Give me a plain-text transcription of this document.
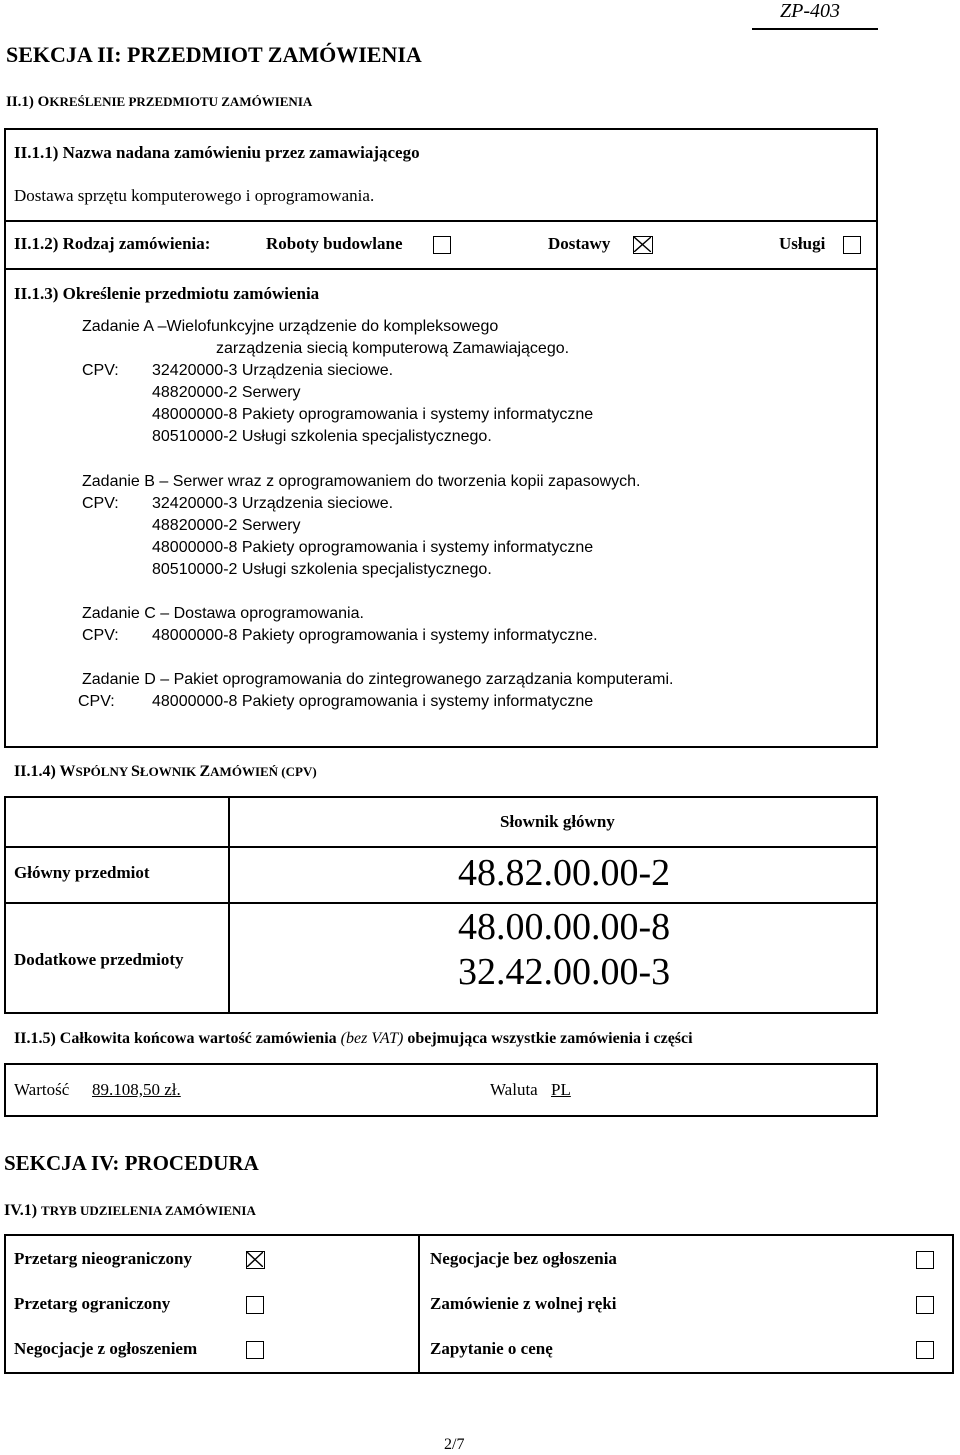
ZP-403
SEKCJA II: PRZEDMIOT ZAMÓWIENIA
II.1) OKREŚLENIE PRZEDMIOTU ZAMÓWIENIA
II.1.1) Nazwa nadana zamówieniu przez zamawiającego
Dostawa sprzętu komputerowego i oprogramowania.
II.1.2) Rodzaj zamówienia:	Roboty budowlane	Dostawy	Usługi
II.1.3) Określenie przedmiotu zamówienia
Zadanie A –Wielofunkcyjne urządzenie do kompleksowego
zarządzenia siecią komputerową Zamawiającego.
CPV: 32420000-3 Urządzenia sieciowe.
48820000-2 Serwery
48000000-8 Pakiety oprogramowania i systemy informatyczne
80510000-2 Usługi szkolenia specjalistycznego.
Zadanie B – Serwer wraz z oprogramowaniem do tworzenia kopii zapasowych.
CPV: 32420000-3 Urządzenia sieciowe.
48820000-2 Serwery
48000000-8 Pakiety oprogramowania i systemy informatyczne
80510000-2 Usługi szkolenia specjalistycznego.
Zadanie C – Dostawa oprogramowania.
CPV: 48000000-8 Pakiety oprogramowania i systemy informatyczne.
Zadanie D – Pakiet oprogramowania do zintegrowanego zarządzania komputerami.
CPV: 48000000-8 Pakiety oprogramowania i systemy informatyczne
II.1.4) WSPÓLNY SŁOWNIK ZAMÓWIEŃ (CPV)
Słownik główny
Główny przedmiot	48.82.00.00-2
Dodatkowe przedmioty
48.00.00.00-8
32.42.00.00-3
II.1.5) Całkowita końcowa wartość zamówienia (bez VAT) obejmująca wszystkie zamówienia i części
Wartość 89.108,50 zł.	Waluta PL
SEKCJA IV: PROCEDURA
IV.1) TRYB UDZIELENIA ZAMÓWIENIA
Przetarg nieograniczony
Przetarg ograniczony
Negocjacje z ogłoszeniem
Negocjacje bez ogłoszenia
Zamówienie z wolnej ręki
Zapytanie o cenę
2/7
